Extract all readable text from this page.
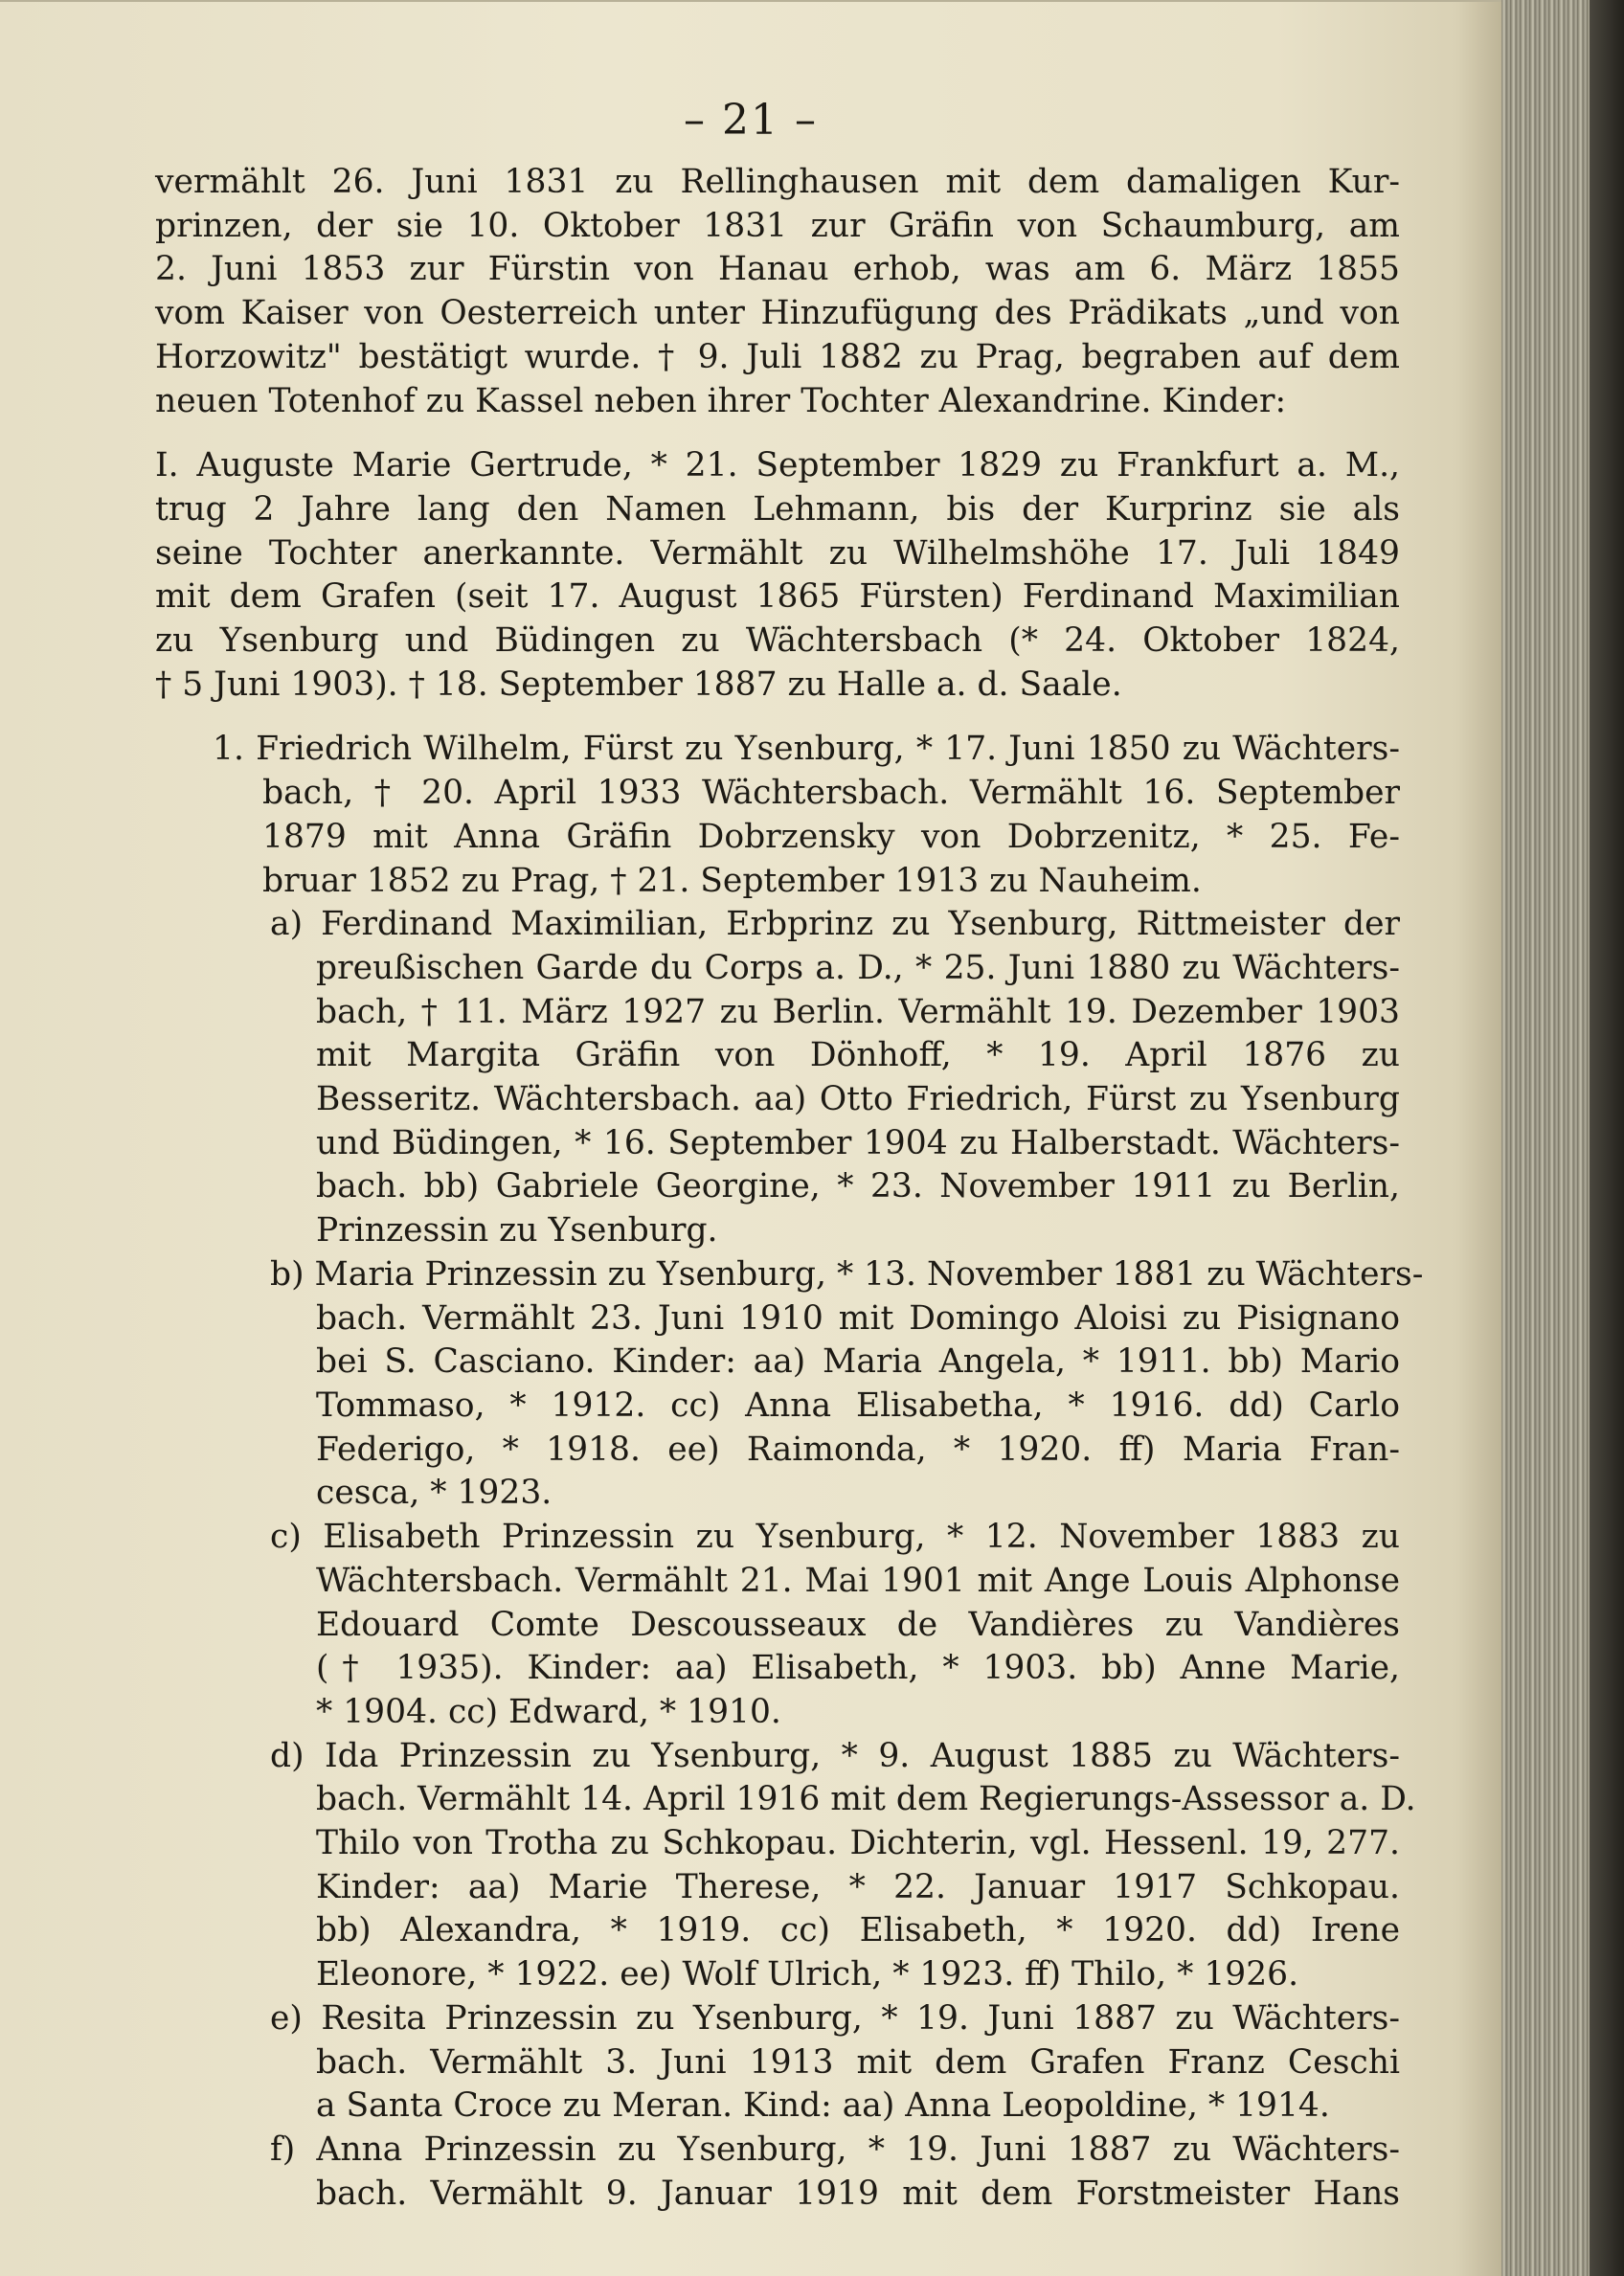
– 21 –
vermählt 26. Juni 1831 zu Rellinghausen mit dem damaligen Kur-
prinzen, der sie 10. Oktober 1831 zur Gräfin von Schaumburg, am
2. Juni 1853 zur Fürstin von Hanau erhob, was am 6. März 1855
vom Kaiser von Oesterreich unter Hinzufügung des Prädikats „und von
Horzowitz" bestätigt wurde. † 9. Juli 1882 zu Prag, begraben auf dem
neuen Totenhof zu Kassel neben ihrer Tochter Alexandrine. Kinder:
I. Auguste Marie Gertrude, * 21. September 1829 zu Frankfurt a. M.,
trug 2 Jahre lang den Namen Lehmann, bis der Kurprinz sie als
seine Tochter anerkannte. Vermählt zu Wilhelmshöhe 17. Juli 1849
mit dem Grafen (seit 17. August 1865 Fürsten) Ferdinand Maximilian
zu Ysenburg und Büdingen zu Wächtersbach (* 24. Oktober 1824,
† 5 Juni 1903). † 18. September 1887 zu Halle a. d. Saale.
1. Friedrich Wilhelm, Fürst zu Ysenburg, * 17. Juni 1850 zu Wächters-
bach, † 20. April 1933 Wächtersbach. Vermählt 16. September
1879 mit Anna Gräfin Dobrzensky von Dobrzenitz, * 25. Fe-
bruar 1852 zu Prag, † 21. September 1913 zu Nauheim.
a) Ferdinand Maximilian, Erbprinz zu Ysenburg, Rittmeister der
preußischen Garde du Corps a. D., * 25. Juni 1880 zu Wächters-
bach, † 11. März 1927 zu Berlin. Vermählt 19. Dezember 1903
mit Margita Gräfin von Dönhoff, * 19. April 1876 zu
Besseritz. Wächtersbach. aa) Otto Friedrich, Fürst zu Ysenburg
und Büdingen, * 16. September 1904 zu Halberstadt. Wächters-
bach. bb) Gabriele Georgine, * 23. November 1911 zu Berlin,
Prinzessin zu Ysenburg.
b) Maria Prinzessin zu Ysenburg, * 13. November 1881 zu Wächters-
bach. Vermählt 23. Juni 1910 mit Domingo Aloisi zu Pisignano
bei S. Casciano. Kinder: aa) Maria Angela, * 1911. bb) Mario
Tommaso, * 1912. cc) Anna Elisabetha, * 1916. dd) Carlo
Federigo, * 1918. ee) Raimonda, * 1920. ff) Maria Fran-
cesca, * 1923.
c) Elisabeth Prinzessin zu Ysenburg, * 12. November 1883 zu
Wächtersbach. Vermählt 21. Mai 1901 mit Ange Louis Alphonse
Edouard Comte Descousseaux de Vandières zu Vandières
(† 1935). Kinder: aa) Elisabeth, * 1903. bb) Anne Marie,
* 1904. cc) Edward, * 1910.
d) Ida Prinzessin zu Ysenburg, * 9. August 1885 zu Wächters-
bach. Vermählt 14. April 1916 mit dem Regierungs-Assessor a. D.
Thilo von Trotha zu Schkopau. Dichterin, vgl. Hessenl. 19, 277.
Kinder: aa) Marie Therese, * 22. Januar 1917 Schkopau.
bb) Alexandra, * 1919. cc) Elisabeth, * 1920. dd) Irene
Eleonore, * 1922. ee) Wolf Ulrich, * 1923. ff) Thilo, * 1926.
e) Resita Prinzessin zu Ysenburg, * 19. Juni 1887 zu Wächters-
bach. Vermählt 3. Juni 1913 mit dem Grafen Franz Ceschi
a Santa Croce zu Meran. Kind: aa) Anna Leopoldine, * 1914.
f) Anna Prinzessin zu Ysenburg, * 19. Juni 1887 zu Wächters-
bach. Vermählt 9. Januar 1919 mit dem Forstmeister Hans
